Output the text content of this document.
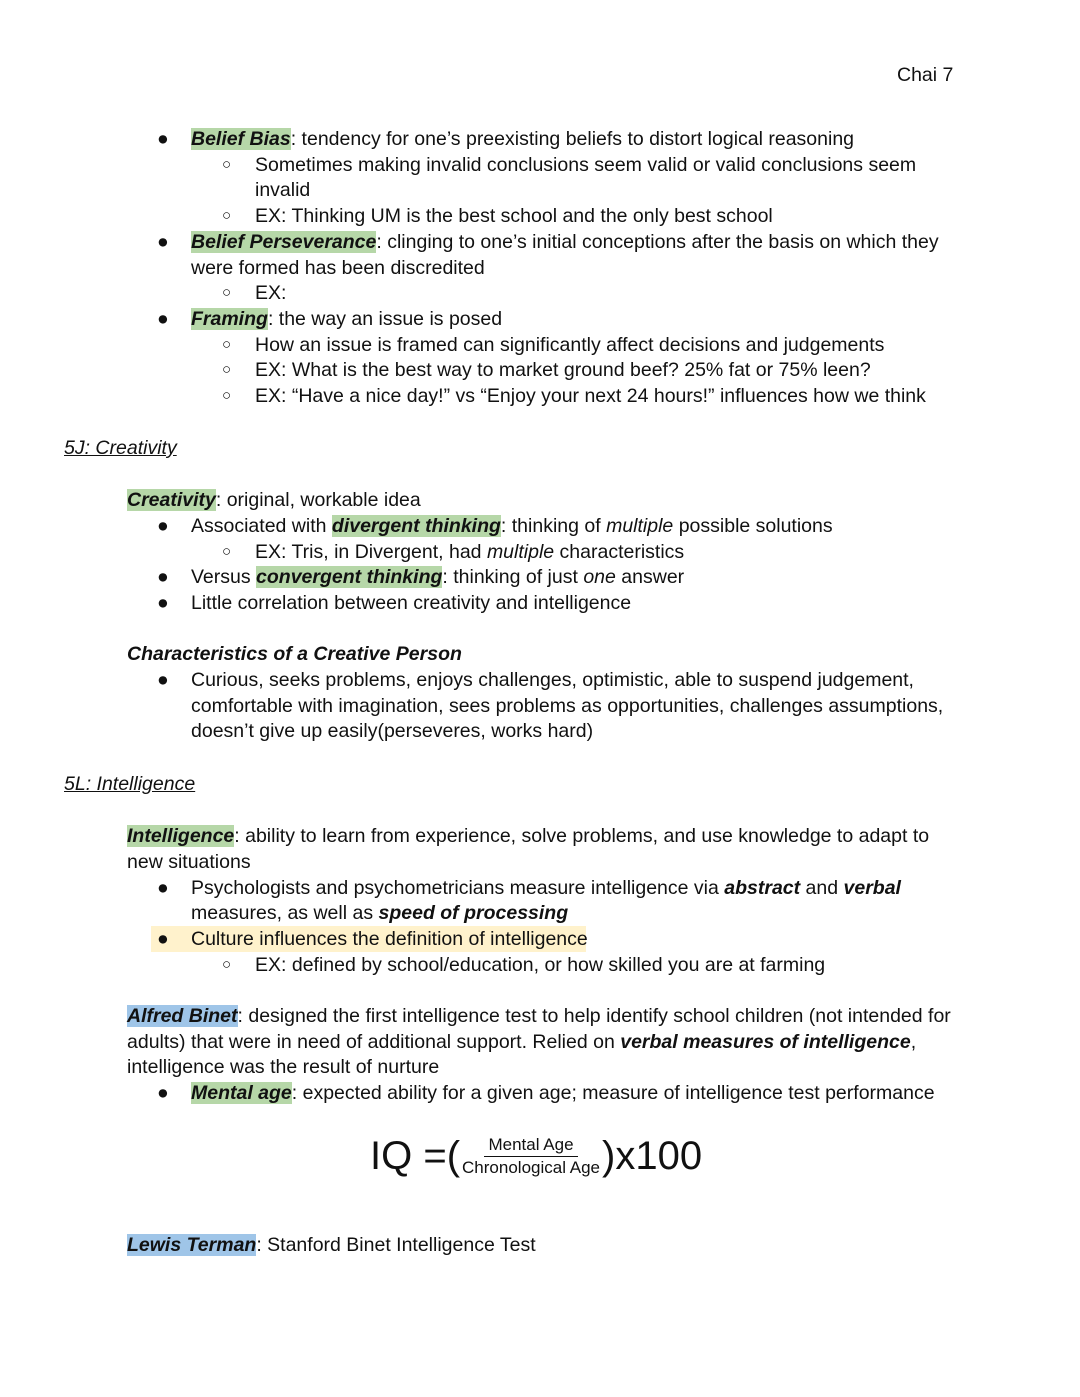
Chai 7
● Belief Bias: tendency for one’s preexisting beliefs to distort logical reasoning
○ Sometimes making invalid conclusions seem valid or valid conclusions seem
invalid
○ EX: Thinking UM is the best school and the only best school
● Belief Perseverance: clinging to one’s initial conceptions after the basis on which they
were formed has been discredited
○ EX:
● Framing: the way an issue is posed
○ How an issue is framed can significantly affect decisions and judgements
○ EX: What is the best way to market ground beef? 25% fat or 75% leen?
○ EX: “Have a nice day!” vs “Enjoy your next 24 hours!” influences how we think
5J: Creativity
Creativity: original, workable idea
● Associated with divergent thinking: thinking of multiple possible solutions
○ EX: Tris, in Divergent, had multiple characteristics
● Versus convergent thinking: thinking of just one answer
● Little correlation between creativity and intelligence
Characteristics of a Creative Person
● Curious, seeks problems, enjoys challenges, optimistic, able to suspend judgement,
comfortable with imagination, sees problems as opportunities, challenges assumptions,
doesn’t give up easily(perseveres, works hard)
5L: Intelligence
Intelligence: ability to learn from experience, solve problems, and use knowledge to adapt to
new situations
● Psychologists and psychometricians measure intelligence via abstract and verbal
measures, as well as speed of processing
● Culture influences the definition of intelligence
○ EX: defined by school/education, or how skilled you are at farming
Alfred Binet: designed the first intelligence test to help identify school children (not intended for
adults) that were in need of additional support. Relied on verbal measures of intelligence,
intelligence was the result of nurture
● Mental age: expected ability for a given age; measure of intelligence test performance
IQ =( $\frac{\text{Mental Age}}{\text{Chronological Age}} )x100$
Lewis Terman: Stanford Binet Intelligence Test
